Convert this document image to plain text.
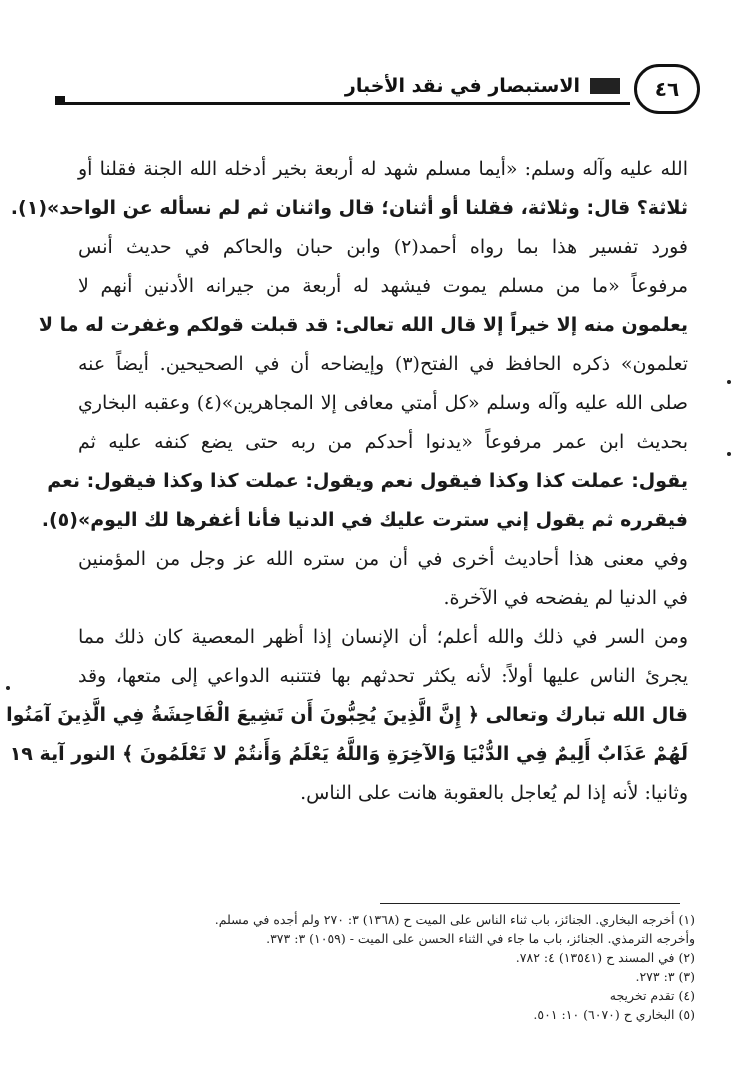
الاستبصار في نقد الأخبار	٤٦
الله عليه وآله وسلم: «أيما مسلم شهد له أربعة بخير أدخله الله الجنة فقلنا أو
ثلاثة؟ قال: وثلاثة، فقلنا أو أثنان؛ قال واثنان ثم لم نسأله عن الواحد»(١).
فورد تفسير هذا بما رواه أحمد(٢) وابن حبان والحاكم في حديث أنس
مرفوعاً «ما من مسلم يموت فيشهد له أربعة من جيرانه الأدنين أنهم لا
يعلمون منه إلا خيراً إلا قال الله تعالى: قد قبلت قولكم وغفرت له ما لا
تعلمون» ذكره الحافظ في الفتح(٣) وإيضاحه أن في الصحيحين. أيضاً عنه
صلى الله عليه وآله وسلم «كل أمتي معافى إلا المجاهرين»(٤) وعقبه البخاري
بحديث ابن عمر مرفوعاً «يدنوا أحدكم من ربه حتى يضع كنفه عليه ثم
يقول: عملت كذا وكذا فيقول نعم ويقول: عملت كذا وكذا فيقول: نعم
فيقرره ثم يقول إني سترت عليك في الدنيا فأنا أغفرها لك اليوم»(٥).
وفي معنى هذا أحاديث أخرى في أن من ستره الله عز وجل من المؤمنين
في الدنيا لم يفضحه في الآخرة.
ومن السر في ذلك والله أعلم؛ أن الإنسان إذا أظهر المعصية كان ذلك مما
يجرئ الناس عليها أولاً: لأنه يكثر تحدثهم بها فتتنبه الدواعي إلى متعها، وقد
قال الله تبارك وتعالى ﴿ إِنَّ الَّذِينَ يُحِبُّونَ أَن تَشِيعَ الْفَاحِشَةُ فِي الَّذِينَ آمَنُوا
لَهُمْ عَذَابٌ أَلِيمٌ فِي الدُّنْيَا وَالآخِرَةِ وَاللَّهُ يَعْلَمُ وَأَنتُمْ لا تَعْلَمُونَ ﴾ النور آية ١٩
وثانيا: لأنه إذا لم يُعاجل بالعقوبة هانت على الناس.
(١) أخرجه البخاري. الجنائز، باب ثناء الناس على الميت ح (١٣٦٨) ٣: ٢٧٠ ولم أجده في مسلم.
وأخرجه الترمذي. الجنائز، باب ما جاء في الثناء الحسن على الميت - (١٠٥٩) ٣: ٣٧٣.
(٢) في المسند ح (١٣٥٤١) ٤: ٧٨٢.
(٣) ٣: ٢٧٣.
(٤) تقدم تخريجه
(٥) البخاري ح (٦٠٧٠) ١٠: ٥٠١.
